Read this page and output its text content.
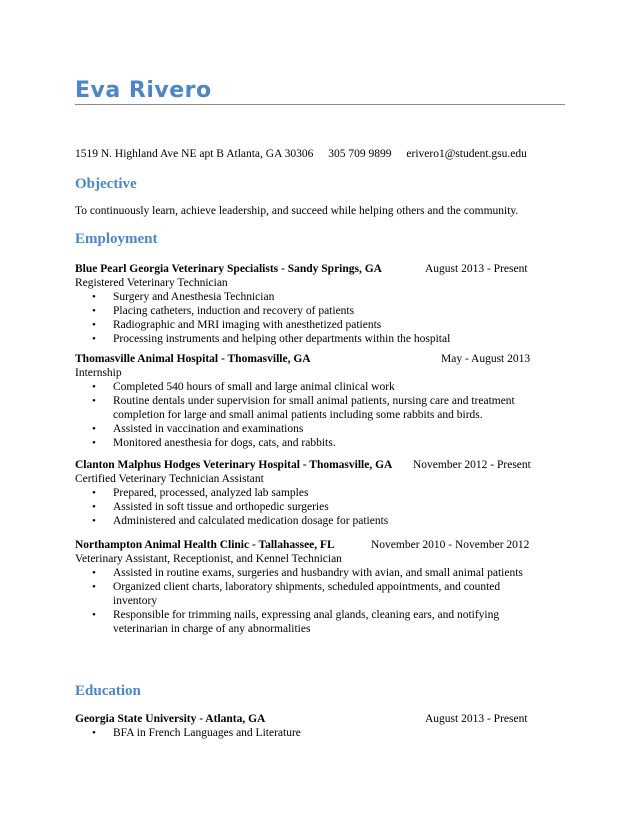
Eva Rivero
1519 N. Highland Ave NE apt B Atlanta, GA 30306 305 709 9899 erivero1@student.gsu.edu
Objective
To continuously learn, achieve leadership, and succeed while helping others and the community.
Employment
Blue Pearl Georgia Veterinary Specialists - Sandy Springs, GA	August 2013 - Present
Registered Veterinary Technician
• Surgery and Anesthesia Technician
• Placing catheters, induction and recovery of patients
• Radiographic and MRI imaging with anesthetized patients
• Processing instruments and helping other departments within the hospital
Thomasville Animal Hospital - Thomasville, GA	May - August 2013
Internship
• Completed 540 hours of small and large animal clinical work
• Routine dentals under supervision for small animal patients, nursing care and treatment completion for large and small animal patients including some rabbits and birds.
• Assisted in vaccination and examinations
• Monitored anesthesia for dogs, cats, and rabbits.
Clanton Malphus Hodges Veterinary Hospital - Thomasville, GA November 2012 - Present
Certified Veterinary Technician Assistant
• Prepared, processed, analyzed lab samples
• Assisted in soft tissue and orthopedic surgeries
• Administered and calculated medication dosage for patients
Northampton Animal Health Clinic - Tallahassee, FL	November 2010 - November 2012
Veterinary Assistant, Receptionist, and Kennel Technician
• Assisted in routine exams, surgeries and husbandry with avian, and small animal patients
• Organized client charts, laboratory shipments, scheduled appointments, and counted inventory
• Responsible for trimming nails, expressing anal glands, cleaning ears, and notifying veterinarian in charge of any abnormalities
Education
Georgia State University - Atlanta, GA	August 2013 - Present
• BFA in French Languages and Literature
